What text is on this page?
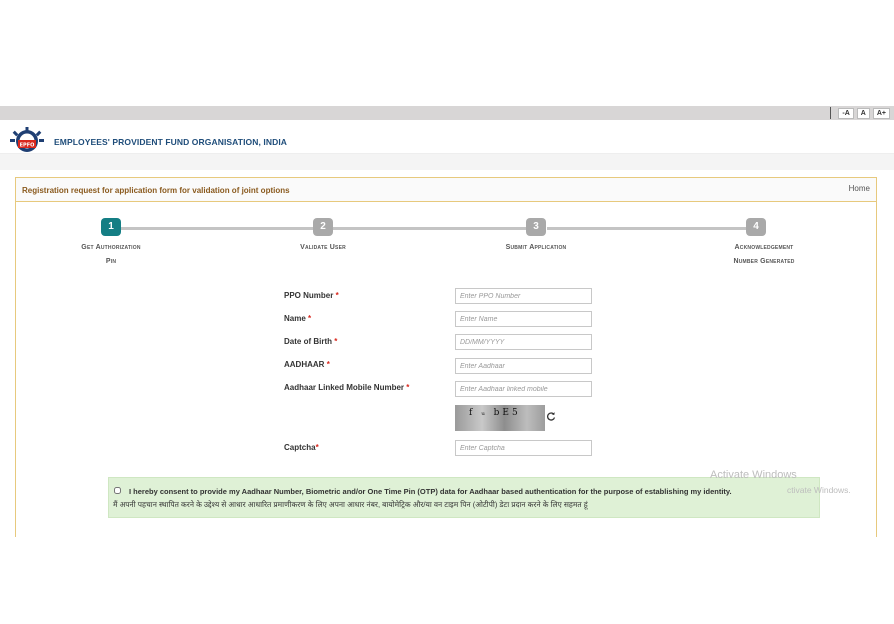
-A	A	A+
EPFO EMPLOYEES' PROVIDENT FUND ORGANISATION, INDIA
Registration request for application form for validation of joint options	Home
1	2	3	4
Get Authorization
Pin
Validate User	Submit Application	Acknowledgement
Number Generated
PPO Number *
Enter PPO Number
Name *
Enter Name
Date of Birth *
DD/MM/YYYY
AADHAAR *
Enter Aadhaar
Aadhaar Linked Mobile Number *
Enter Aadhaar linked mobile
f ᵤ bE5
Captcha*
Enter Captcha
I hereby consent to provide my Aadhaar Number, Biometric and/or One Time Pin (OTP) data for Aadhaar based authentication for the purpose of establishing my identity.
मैं अपनी पहचान स्थापित करने के उद्देश्य से आधार आधारित प्रमाणीकरण के लिए अपना आधार नंबर, बायोमेट्रिक और/या वन टाइम पिन (ओटीपी) डेटा प्रदान करने के लिए सहमत हूं
Activate Windows
ctivate Windows.
